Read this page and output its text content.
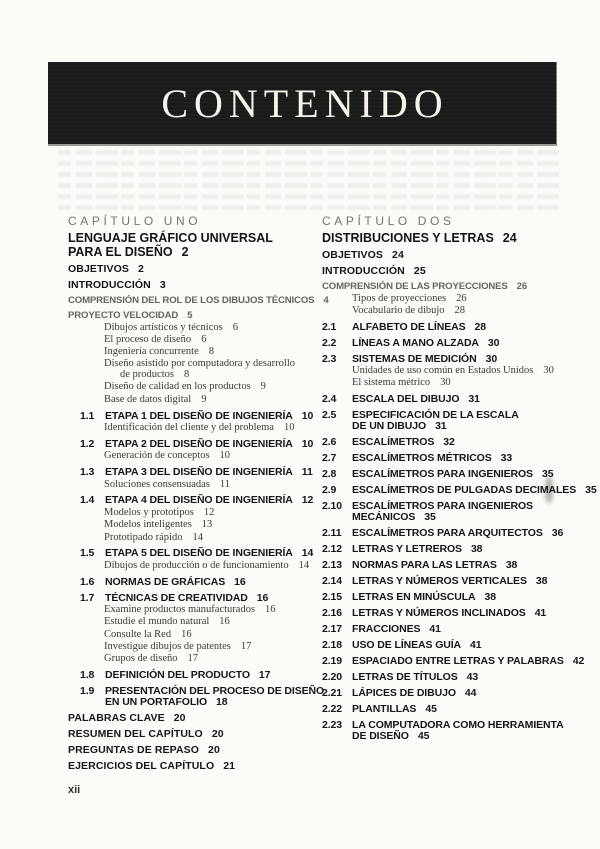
CONTENIDO
CAPÍTULO UNO
LENGUAJE GRÁFICO UNIVERSAL
PARA EL DISEÑO 2
OBJETIVOS 2
INTRODUCCIÓN 3
COMPRENSIÓN DEL ROL DE LOS DIBUJOS TÉCNICOS 4
PROYECTO VELOCIDAD 5
Dibujos artísticos y técnicos 6
El proceso de diseño 6
Ingeniería concurrente 8
Diseño asistido por computadora y desarrollo
de productos 8
Diseño de calidad en los productos 9
Base de datos digital 9
1.1	ETAPA 1 DEL DISEÑO DE INGENIERÍA 10
Identificación del cliente y del problema 10
1.2	ETAPA 2 DEL DISEÑO DE INGENIERÍA 10
Generación de conceptos 10
1.3	ETAPA 3 DEL DISEÑO DE INGENIERÍA 11
Soluciones consensuadas 11
1.4	ETAPA 4 DEL DISEÑO DE INGENIERÍA 12
Modelos y prototipos 12
Modelos inteligentes 13
Prototipado rápido 14
1.5	ETAPA 5 DEL DISEÑO DE INGENIERÍA 14
Dibujos de producción o de funcionamiento 14
1.6	NORMAS DE GRÁFICAS 16
1.7	TÉCNICAS DE CREATIVIDAD 16
Examine productos manufacturados 16
Estudie el mundo natural 16
Consulte la Red 16
Investigue dibujos de patentes 17
Grupos de diseño 17
1.8	DEFINICIÓN DEL PRODUCTO 17
1.9	PRESENTACIÓN DEL PROCESO DE DISEÑO
EN UN PORTAFOLIO 18
PALABRAS CLAVE 20
RESUMEN DEL CAPÍTULO 20
PREGUNTAS DE REPASO 20
EJERCICIOS DEL CAPÍTULO 21
xii
CAPÍTULO DOS
DISTRIBUCIONES Y LETRAS 24
OBJETIVOS 24
INTRODUCCIÓN 25
COMPRENSIÓN DE LAS PROYECCIONES 26
Tipos de proyecciones 26
Vocabulario de dibujo 28
2.1	ALFABETO DE LÍNEAS 28
2.2	LÍNEAS A MANO ALZADA 30
2.3	SISTEMAS DE MEDICIÓN 30
Unidades de uso común en Estados Unidos 30
El sistema métrico 30
2.4	ESCALA DEL DIBUJO 31
2.5	ESPECIFICACIÓN DE LA ESCALA
DE UN DIBUJO 31
2.6	ESCALÍMETROS 32
2.7	ESCALÍMETROS MÉTRICOS 33
2.8	ESCALÍMETROS PARA INGENIEROS 35
2.9	ESCALÍMETROS DE PULGADAS DECIMALES 35
2.10 ESCALÍMETROS PARA INGENIEROS
MECÁNICOS 35
2.11	ESCALÍMETROS PARA ARQUITECTOS 36
2.12 LETRAS Y LETREROS 38
2.13 NORMAS PARA LAS LETRAS 38
2.14 LETRAS Y NÚMEROS VERTICALES 38
2.15 LETRAS EN MINÚSCULA 38
2.16 LETRAS Y NÚMEROS INCLINADOS 41
2.17 FRACCIONES 41
2.18 USO DE LÍNEAS GUÍA 41
2.19 ESPACIADO ENTRE LETRAS Y PALABRAS 42
2.20 LETRAS DE TÍTULOS 43
2.21 LÁPICES DE DIBUJO 44
2.22 PLANTILLAS 45
2.23 LA COMPUTADORA COMO HERRAMIENTA
DE DISEÑO 45
